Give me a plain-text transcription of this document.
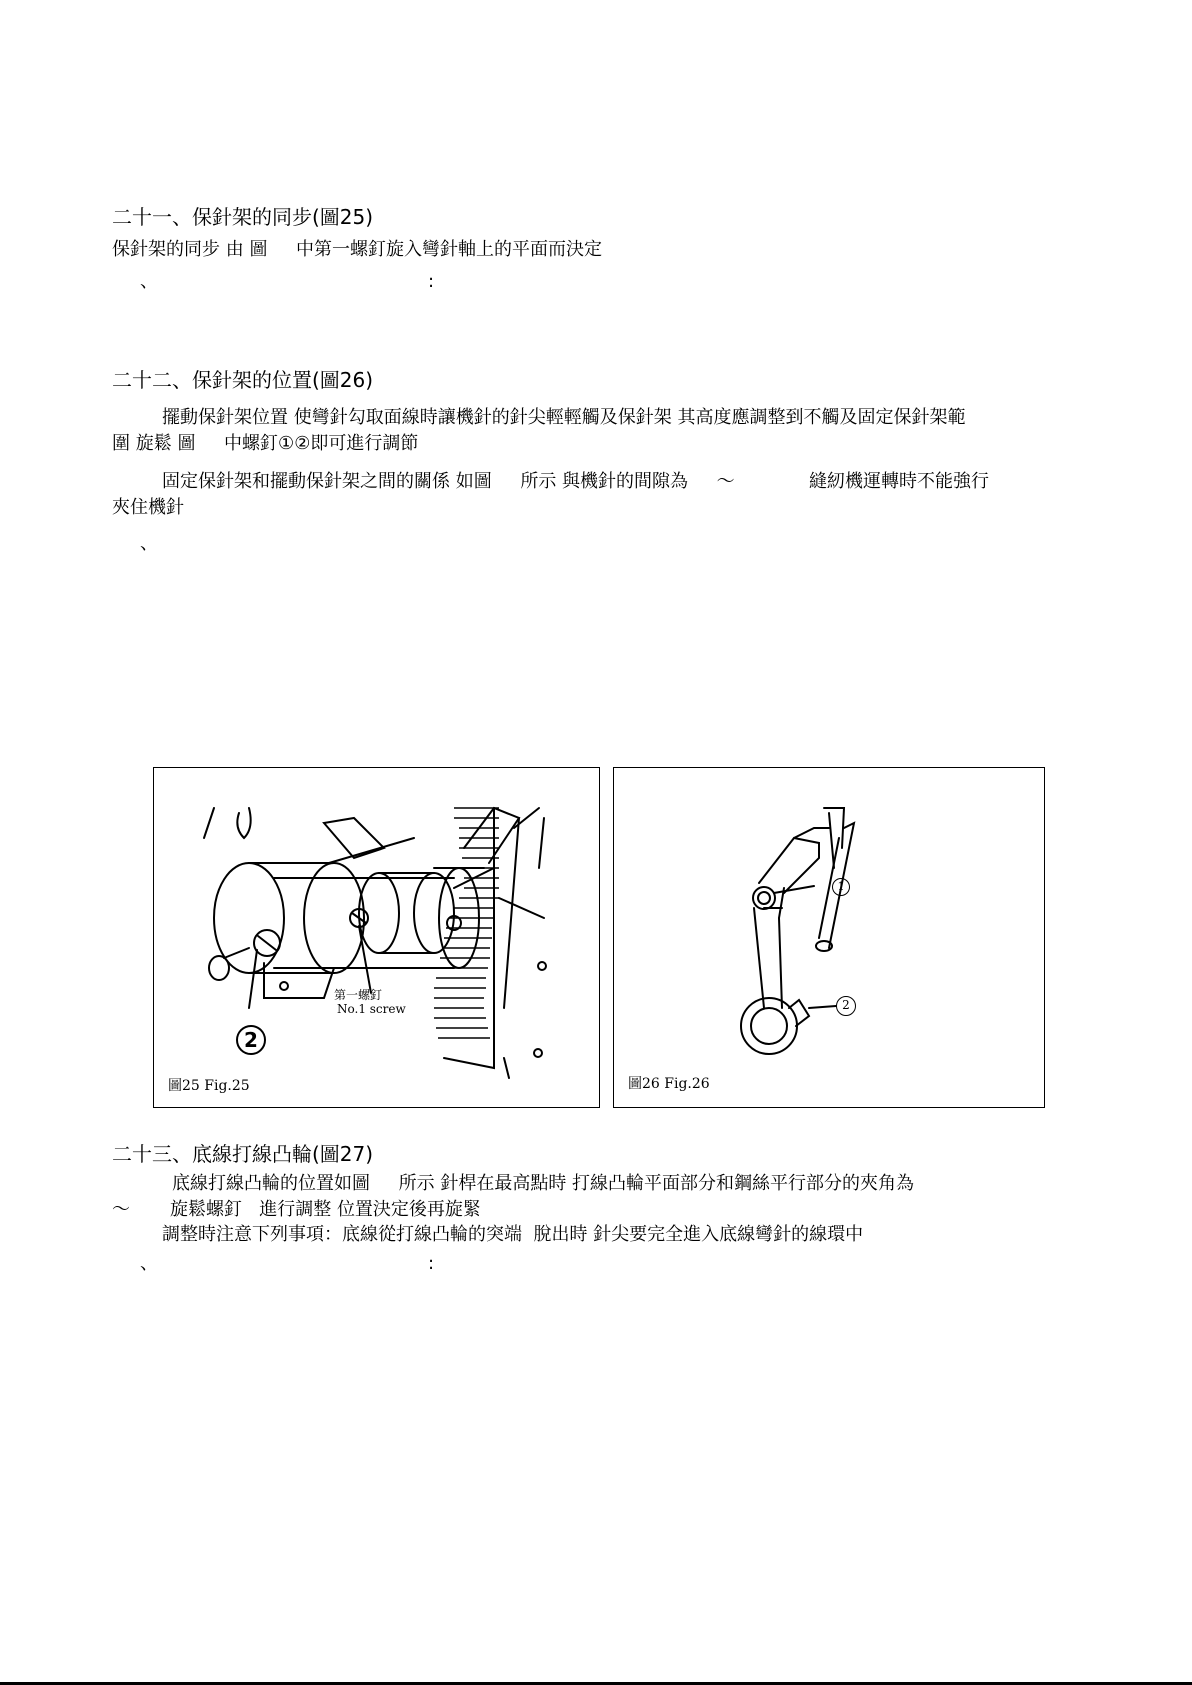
二十一、保針架的同步(圖25)
保針架的同步 由 圖     中第一螺釘旋入彎針軸上的平面而決定
、	:
二十二、保針架的位置(圖26)
擺動保針架位置 使彎針勾取面線時讓機針的針尖輕輕觸及保針架 其高度應調整到不觸及固定保針架範
圍 旋鬆 圖     中螺釘①②即可進行調節
固定保針架和擺動保針架之間的關係 如圖     所示 與機針的間隙為     ～             縫紉機運轉時不能強行
夾住機針
、
第一螺釘
No.1 screw
2
圖25 Fig.25
1
2
圖26 Fig.26
二十三、底線打線凸輪(圖27)
底線打線凸輪的位置如圖     所示 針桿在最高點時 打線凸輪平面部分和鋼絲平行部分的夾角為
～       旋鬆螺釘   進行調整 位置決定後再旋緊
調整時注意下列事項：底線從打線凸輪的突端  脫出時 針尖要完全進入底線彎針的線環中
、	:
